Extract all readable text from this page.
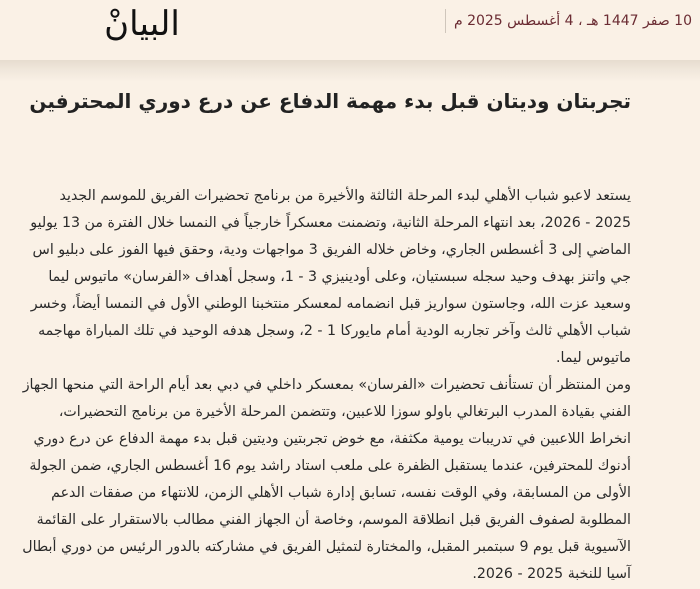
البيانْ	10 صفر 1447 هـ ، 4 أغسطس 2025 م
تجربتان وديتان قبل بدء مهمة الدفاع عن درع دوري المحترفين

يستعد لاعبو شباب الأهلي لبدء المرحلة الثالثة والأخيرة من برنامج تحضيرات الفريق للموسم الجديد 2025 - 2026، بعد انتهاء المرحلة الثانية، وتضمنت معسكراً خارجياً في النمسا خلال الفترة من 13 يوليو الماضي إلى 3 أغسطس الجاري، وخاض خلاله الفريق 3 مواجهات ودية، وحقق فيها الفوز على دبليو اس جي واتنز بهدف وحيد سجله سبستيان، وعلى أودينيزي 3 - 1، وسجل أهداف «الفرسان» ماتيوس ليما وسعيد عزت الله، وجاستون سواريز قبل انضمامه لمعسكر منتخبنا الوطني الأول في النمسا أيضاً، وخسر شباب الأهلي ثالث وآخر تجاربه الودية أمام مايوركا 1 - 2، وسجل هدفه الوحيد في تلك المباراة مهاجمه ماتيوس ليما.

ومن المنتظر أن تستأنف تحضيرات «الفرسان» بمعسكر داخلي في دبي بعد أيام الراحة التي منحها الجهاز الفني بقيادة المدرب البرتغالي باولو سوزا للاعبين، وتتضمن المرحلة الأخيرة من برنامج التحضيرات، انخراط اللاعبين في تدريبات يومية مكثفة، مع خوض تجربتين وديتين قبل بدء مهمة الدفاع عن درع دوري أدنوك للمحترفين، عندما يستقبل الظفرة على ملعب استاد راشد يوم 16 أغسطس الجاري، ضمن الجولة الأولى من المسابقة، وفي الوقت نفسه، تسابق إدارة شباب الأهلي الزمن، للانتهاء من صفقات الدعم المطلوبة لصفوف الفريق قبل انطلاقة الموسم، وخاصة أن الجهاز الفني مطالب بالاستقرار على القائمة الآسيوية قبل يوم 9 سبتمبر المقبل، والمختارة لتمثيل الفريق في مشاركته بالدور الرئيس من دوري أبطال آسيا للنخبة 2025 - 2026.
